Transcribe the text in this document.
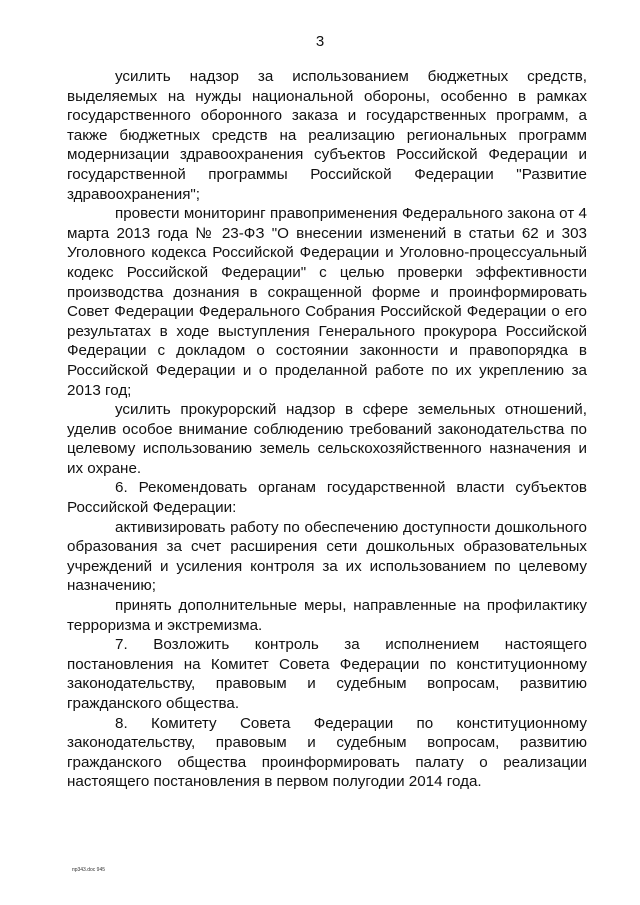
3

усилить надзор за использованием бюджетных средств, выделяемых на нужды национальной обороны, особенно в рамках государственного оборонного заказа и государственных программ, а также бюджетных средств на реализацию региональных программ модернизации здравоохранения субъектов Российской Федерации и государственной программы Российской Федерации "Развитие здравоохранения";

провести мониторинг правоприменения Федерального закона от 4 марта 2013 года № 23-ФЗ "О внесении изменений в статьи 62 и 303 Уголовного кодекса Российской Федерации и Уголовно-процессуальный кодекс Российской Федерации" с целью проверки эффективности производства дознания в сокращенной форме и проинформировать Совет Федерации Федерального Собрания Российской Федерации о его результатах в ходе выступления Генерального прокурора Российской Федерации с докладом о состоянии законности и правопорядка в Российской Федерации и о проделанной работе по их укреплению за 2013 год;

усилить прокурорский надзор в сфере земельных отношений, уделив особое внимание соблюдению требований законодательства по целевому использованию земель сельскохозяйственного назначения и их охране.

6. Рекомендовать органам государственной власти субъектов Российской Федерации:

активизировать работу по обеспечению доступности дошкольного образования за счет расширения сети дошкольных образовательных учреждений и усиления контроля за их использованием по целевому назначению;

принять дополнительные меры, направленные на профилактику терроризма и экстремизма.

7. Возложить контроль за исполнением настоящего постановления на Комитет Совета Федерации по конституционному законодательству, правовым и судебным вопросам, развитию гражданского общества.

8. Комитету Совета Федерации по конституционному законодательству, правовым и судебным вопросам, развитию гражданского общества проинформировать палату о реализации настоящего постановления в первом полугодии 2014 года.

пр343.doc 945
